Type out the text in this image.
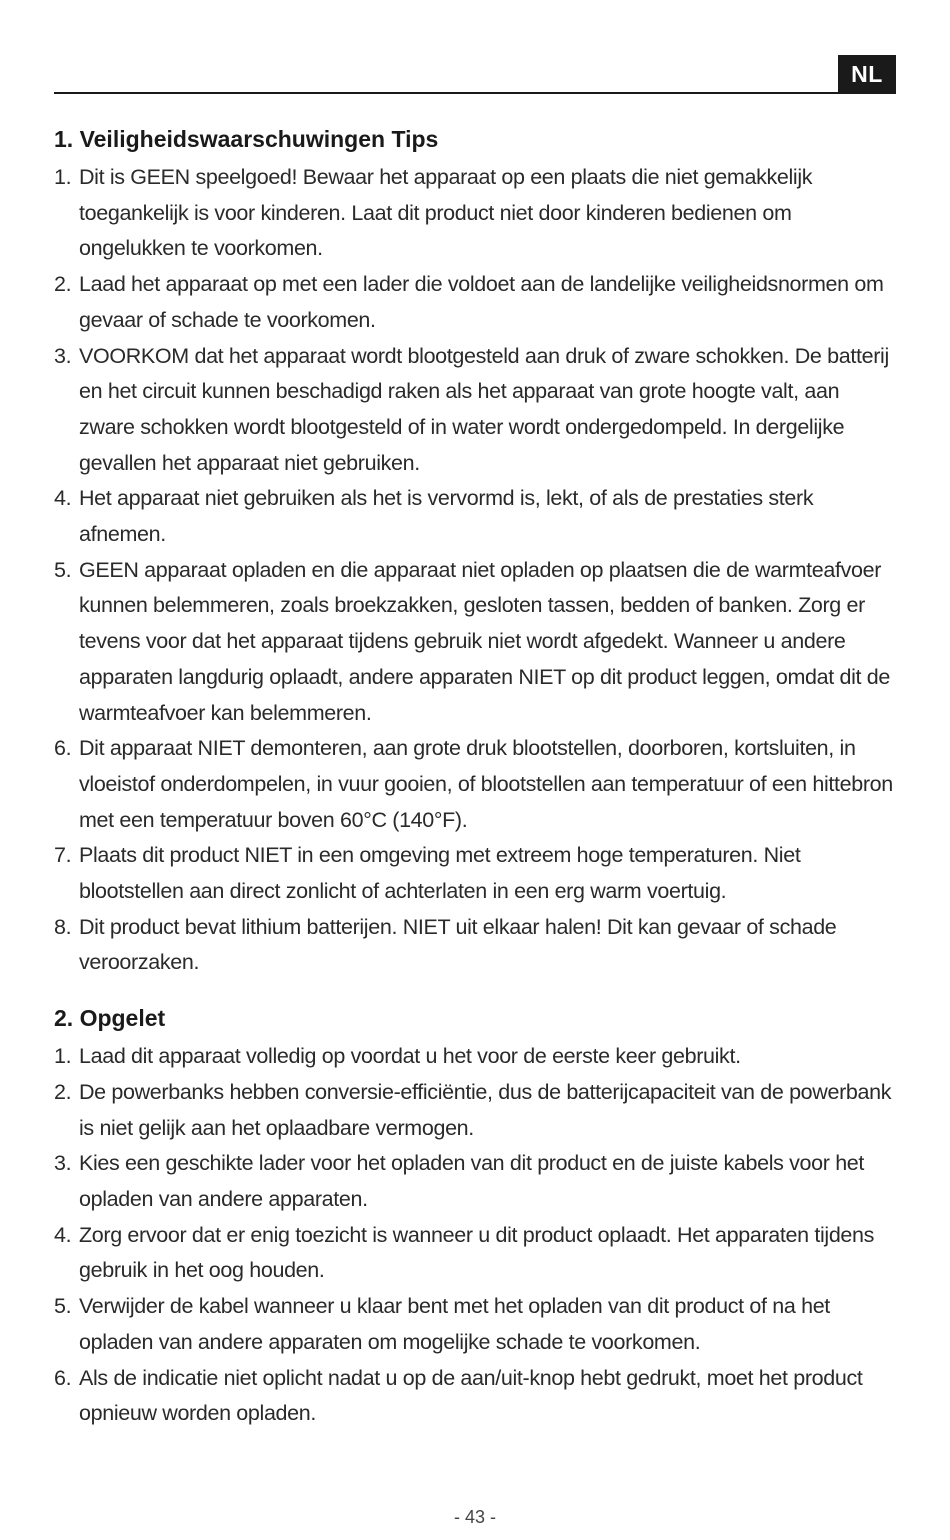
NL
1. Veiligheidswaarschuwingen Tips
1. Dit is GEEN speelgoed! Bewaar het apparaat op een plaats die niet gemakkelijk toegankelijk is voor kinderen. Laat dit product niet door kinderen bedienen om ongelukken te voorkomen.
2. Laad het apparaat op met een lader die voldoet aan de landelijke veiligheidsnormen om gevaar of schade te voorkomen.
3. VOORKOM dat het apparaat wordt blootgesteld aan druk of zware schokken. De batterij en het circuit kunnen beschadigd raken als het apparaat van grote hoogte valt, aan zware schokken wordt blootgesteld of in water wordt ondergedompeld. In dergelijke gevallen het apparaat niet gebruiken.
4. Het apparaat niet gebruiken als het is vervormd is, lekt, of als de prestaties sterk afnemen.
5. GEEN apparaat opladen en die apparaat niet opladen op plaatsen die de warmteafvoer kunnen belemmeren, zoals broekzakken, gesloten tassen, bedden of banken. Zorg er tevens voor dat het apparaat tijdens gebruik niet wordt afgedekt. Wanneer u andere apparaten langdurig oplaadt, andere apparaten NIET op dit product leggen, omdat dit de warmteafvoer kan belemmeren.
6. Dit apparaat NIET demonteren, aan grote druk blootstellen, doorboren, kortsluiten, in vloeistof onderdompelen, in vuur gooien, of blootstellen aan temperatuur of een hittebron met een temperatuur boven 60°C (140°F).
7. Plaats dit product NIET in een omgeving met extreem hoge temperaturen. Niet blootstellen aan direct zonlicht of achterlaten in een erg warm voertuig.
8. Dit product bevat lithium batterijen. NIET uit elkaar halen! Dit kan gevaar of schade veroorzaken.
2. Opgelet
1. Laad dit apparaat volledig op voordat u het voor de eerste keer gebruikt.
2. De powerbanks hebben conversie-efficiëntie, dus de batterijcapaciteit van de powerbank is niet gelijk aan het oplaadbare vermogen.
3. Kies een geschikte lader voor het opladen van dit product en de juiste kabels voor het opladen van andere apparaten.
4. Zorg ervoor dat er enig toezicht is wanneer u dit product oplaadt. Het apparaten tijdens gebruik in het oog houden.
5. Verwijder de kabel wanneer u klaar bent met het opladen van dit product of na het opladen van andere apparaten om mogelijke schade te voorkomen.
6. Als de indicatie niet oplicht nadat u op de aan/uit-knop hebt gedrukt, moet het product opnieuw worden opladen.
- 43 -
